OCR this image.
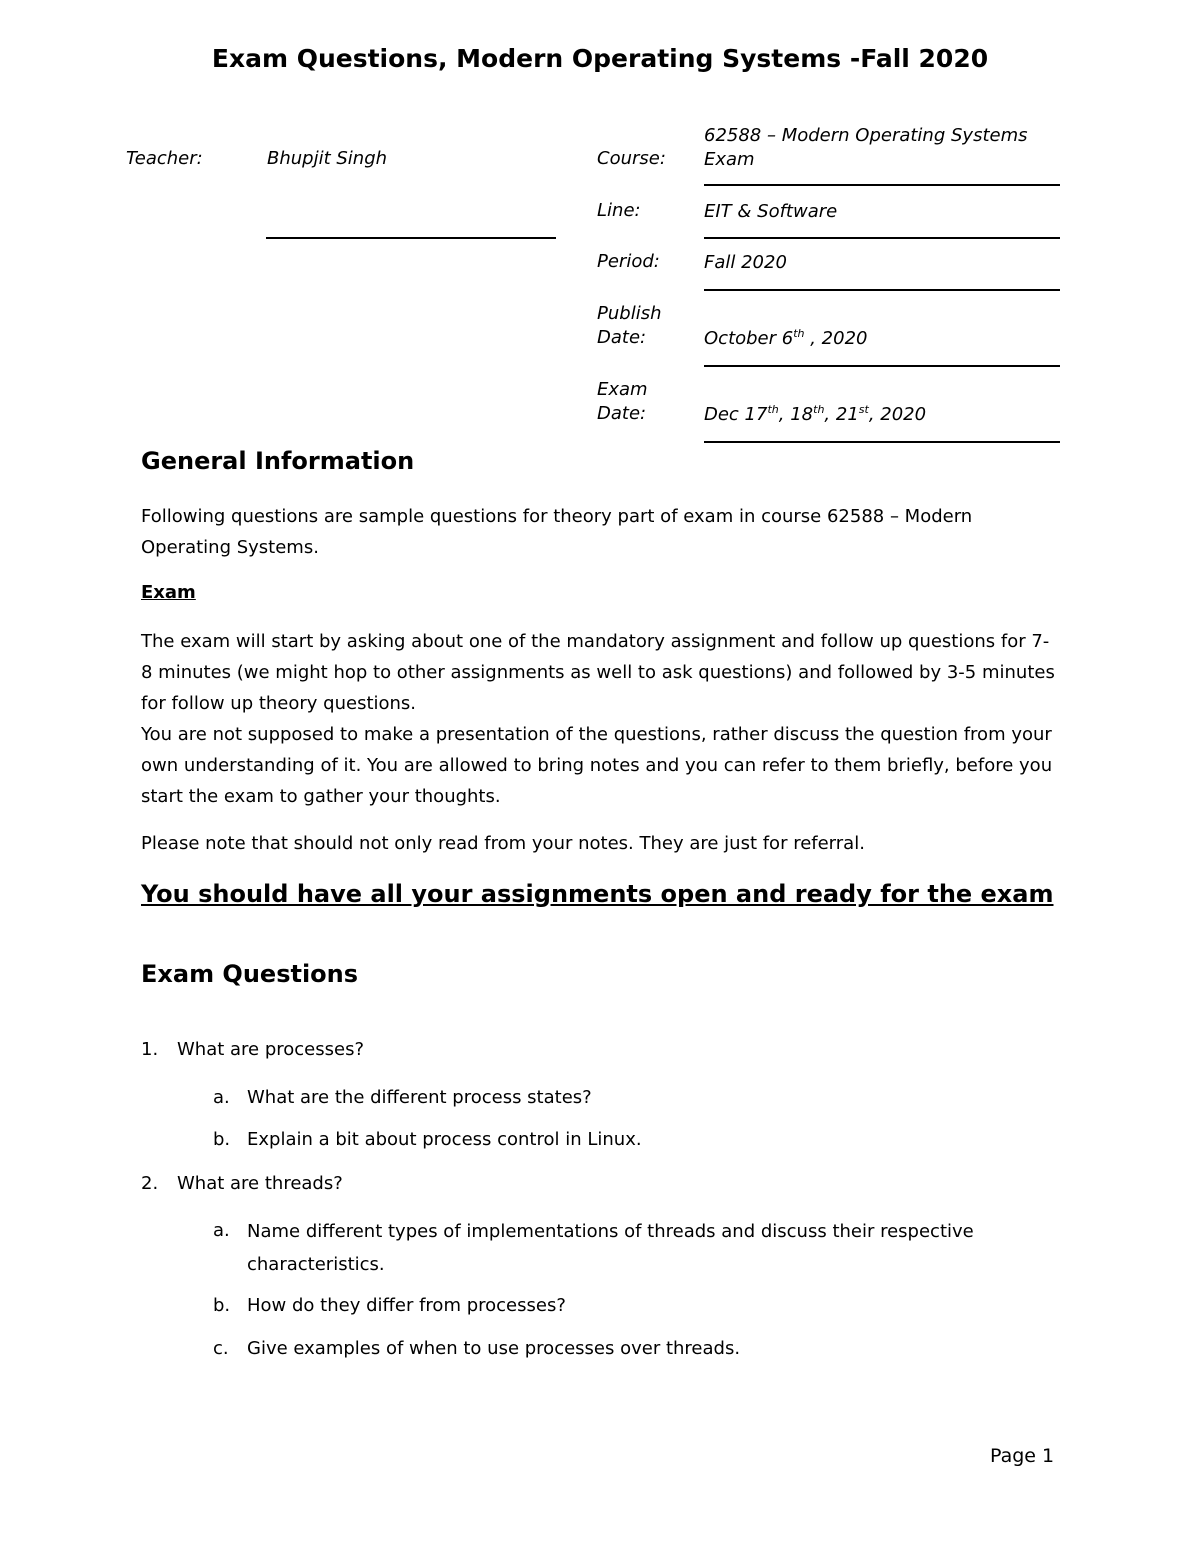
Exam Questions, Modern Operating Systems -Fall 2020
Teacher:	Bhupjit Singh	Course:
62588 – Modern Operating Systems
Exam
Line:	EIT & Software
Period: Fall 2020
Publish
Date:	October 6th , 2020
Exam
Date:	Dec 17th, 18th, 21st, 2020
General Information
Following questions are sample questions for theory part of exam in course 62588 – Modern Operating Systems.
Exam
The exam will start by asking about one of the mandatory assignment and follow up questions for 7-8 minutes (we might hop to other assignments as well to ask questions) and followed by 3-5 minutes for follow up theory questions.
You are not supposed to make a presentation of the questions, rather discuss the question from your own understanding of it. You are allowed to bring notes and you can refer to them briefly, before you start the exam to gather your thoughts.
Please note that should not only read from your notes. They are just for referral.
You should have all your assignments open and ready for the exam
Exam Questions
1. What are processes?
a. What are the different process states?
b. Explain a bit about process control in Linux.
2. What are threads?
a. Name different types of implementations of threads and discuss their respective characteristics.
b. How do they differ from processes?
c. Give examples of when to use processes over threads.
Page 1
